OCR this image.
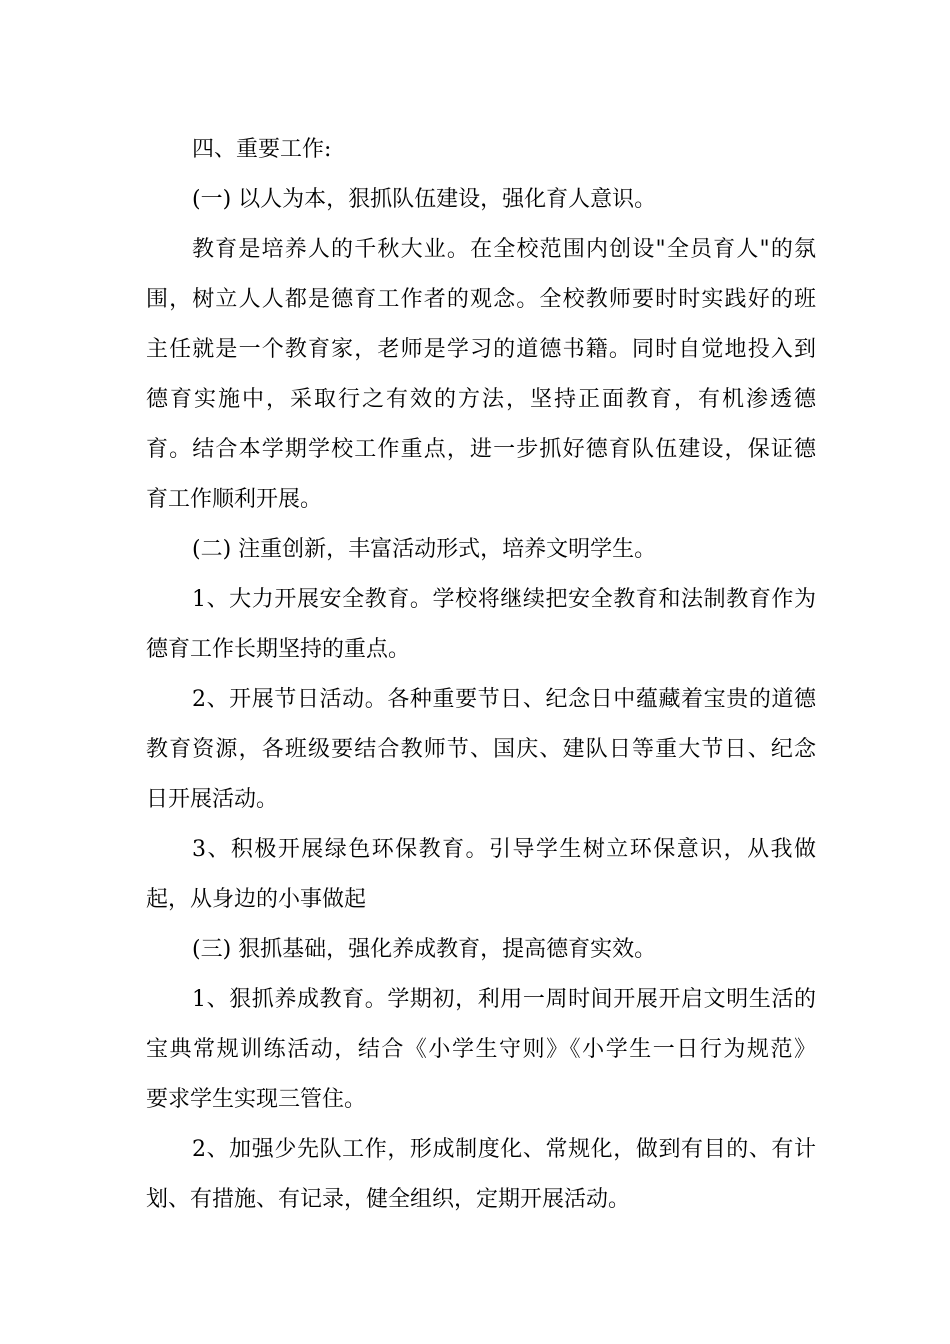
四、重要工作:
(一) 以人为本，狠抓队伍建设，强化育人意识。
教育是培养人的千秋大业。在全校范围内创设"全员育人"的氛
围，树立人人都是德育工作者的观念。全校教师要时时实践好的班
主任就是一个教育家，老师是学习的道德书籍。同时自觉地投入到
德育实施中，采取行之有效的方法，坚持正面教育，有机渗透德
育。结合本学期学校工作重点，进一步抓好德育队伍建设，保证德
育工作顺利开展。
(二) 注重创新，丰富活动形式，培养文明学生。
1、大力开展安全教育。学校将继续把安全教育和法制教育作为
德育工作长期坚持的重点。
2、开展节日活动。各种重要节日、纪念日中蕴藏着宝贵的道德
教育资源，各班级要结合教师节、国庆、建队日等重大节日、纪念
日开展活动。
3、积极开展绿色环保教育。引导学生树立环保意识，从我做
起，从身边的小事做起
(三) 狠抓基础，强化养成教育，提高德育实效。
1、狠抓养成教育。学期初，利用一周时间开展开启文明生活的
宝典常规训练活动，结合《小学生守则》《小学生一日行为规范》
要求学生实现三管住。
2、加强少先队工作，形成制度化、常规化，做到有目的、有计
划、有措施、有记录，健全组织，定期开展活动。
